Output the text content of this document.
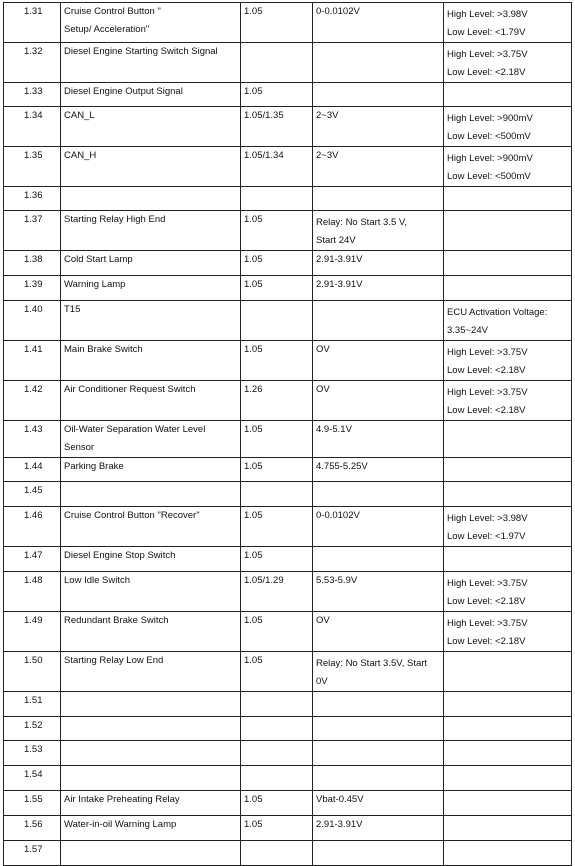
1.31	Cruise Control Button "
Setup/ Acceleration"	1.05	0-0.0102V	High Level: >3.98V
Low Level: <1.79V

1.32	Diesel Engine Starting Switch Signal			High Level: >3.75V
Low Level: <2.18V

1.33	Diesel Engine Output Signal	1.05		

1.34	CAN_L	1.05/1.35	2~3V	High Level: >900mV
Low Level: <500mV

1.35	CAN_H	1.05/1.34	2~3V	High Level: >900mV
Low Level: <500mV

1.36				

1.37	Starting Relay High End	1.05	Relay: No Start 3.5 V,
Start 24V	

1.38	Cold Start Lamp	1.05	2.91-3.91V	

1.39	Warning Lamp	1.05	2.91-3.91V	

1.40	T15			ECU Activation Voltage:
3.35~24V

1.41	Main Brake Switch	1.05	OV	High Level: >3.75V
Low Level: <2.18V

1.42	Air Conditioner Request Switch	1.26	OV	High Level: >3.75V
Low Level: <2.18V

1.43	Oil-Water Separation Water Level
Sensor	1.05	4.9-5.1V	

1.44	Parking Brake	1.05	4.755-5.25V	

1.45				

1.46	Cruise Control Button "Recover"	1.05	0-0.0102V	High Level: >3.98V
Low Level: <1.97V

1.47	Diesel Engine Stop Switch	1.05		

1.48	Low Idle Switch	1.05/1.29	5.53-5.9V	High Level: >3.75V
Low Level: <2.18V

1.49	Redundant Brake Switch	1.05	OV	High Level: >3.75V
Low Level: <2.18V

1.50	Starting Relay Low End	1.05	Relay: No Start 3.5V, Start
0V	

1.51				

1.52				

1.53				

1.54				

1.55	Air Intake Preheating Relay	1.05	Vbat-0.45V	

1.56	Water-in-oil Warning Lamp	1.05	2.91-3.91V	

1.57				
